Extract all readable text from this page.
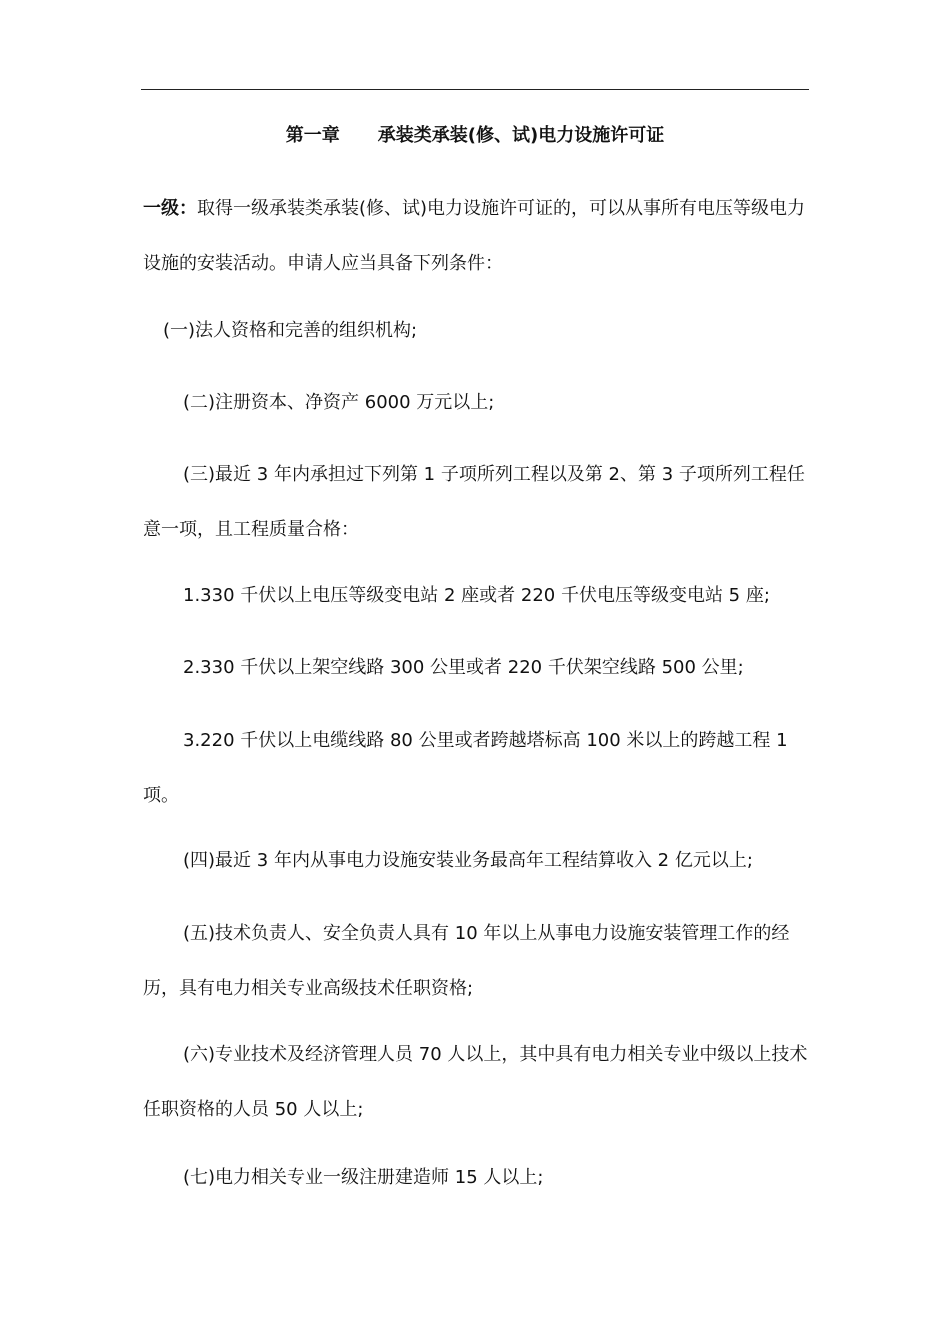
第一章 承装类承装(修、试)电力设施许可证

一级：取得一级承装类承装(修、试)电力设施许可证的，可以从事所有电压等级电力设施的安装活动。申请人应当具备下列条件：

(一)法人资格和完善的组织机构;

(二)注册资本、净资产 6000 万元以上;

(三)最近 3 年内承担过下列第 1 子项所列工程以及第 2、第 3 子项所列工程任意一项，且工程质量合格：

1.330 千伏以上电压等级变电站 2 座或者 220 千伏电压等级变电站 5 座;

2.330 千伏以上架空线路 300 公里或者 220 千伏架空线路 500 公里;

3.220 千伏以上电缆线路 80 公里或者跨越塔标高 100 米以上的跨越工程 1 项。

(四)最近 3 年内从事电力设施安装业务最高年工程结算收入 2 亿元以上;

(五)技术负责人、安全负责人具有 10 年以上从事电力设施安装管理工作的经历，具有电力相关专业高级技术任职资格;

(六)专业技术及经济管理人员 70 人以上，其中具有电力相关专业中级以上技术任职资格的人员 50 人以上;

(七)电力相关专业一级注册建造师 15 人以上;
